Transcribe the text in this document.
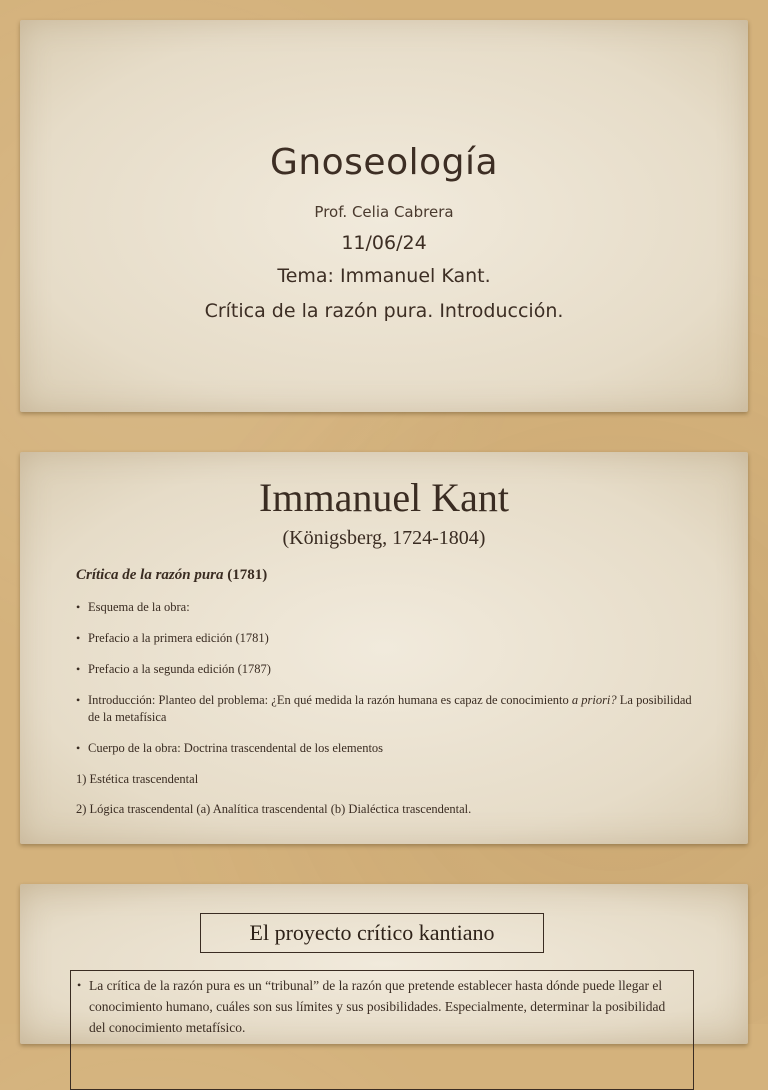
Gnoseología
Prof. Celia Cabrera
11/06/24
Tema: Immanuel Kant.
Crítica de la razón pura. Introducción.
Immanuel Kant
(Königsberg, 1724-1804)
Crítica de la razón pura (1781)
• Esquema de la obra:
• Prefacio a la primera edición (1781)
• Prefacio a la segunda edición (1787)
• Introducción: Planteo del problema: ¿En qué medida la razón humana es capaz de conocimiento a priori? La posibilidad de la metafísica
• Cuerpo de la obra: Doctrina trascendental de los elementos
1) Estética trascendental
2) Lógica trascendental (a) Analítica trascendental (b) Dialéctica trascendental.
El proyecto crítico kantiano
• La crítica de la razón pura es un “tribunal” de la razón que pretende establecer hasta dónde puede llegar el conocimiento humano, cuáles son sus límites y sus posibilidades. Especialmente, determinar la posibilidad del conocimiento metafísico.
